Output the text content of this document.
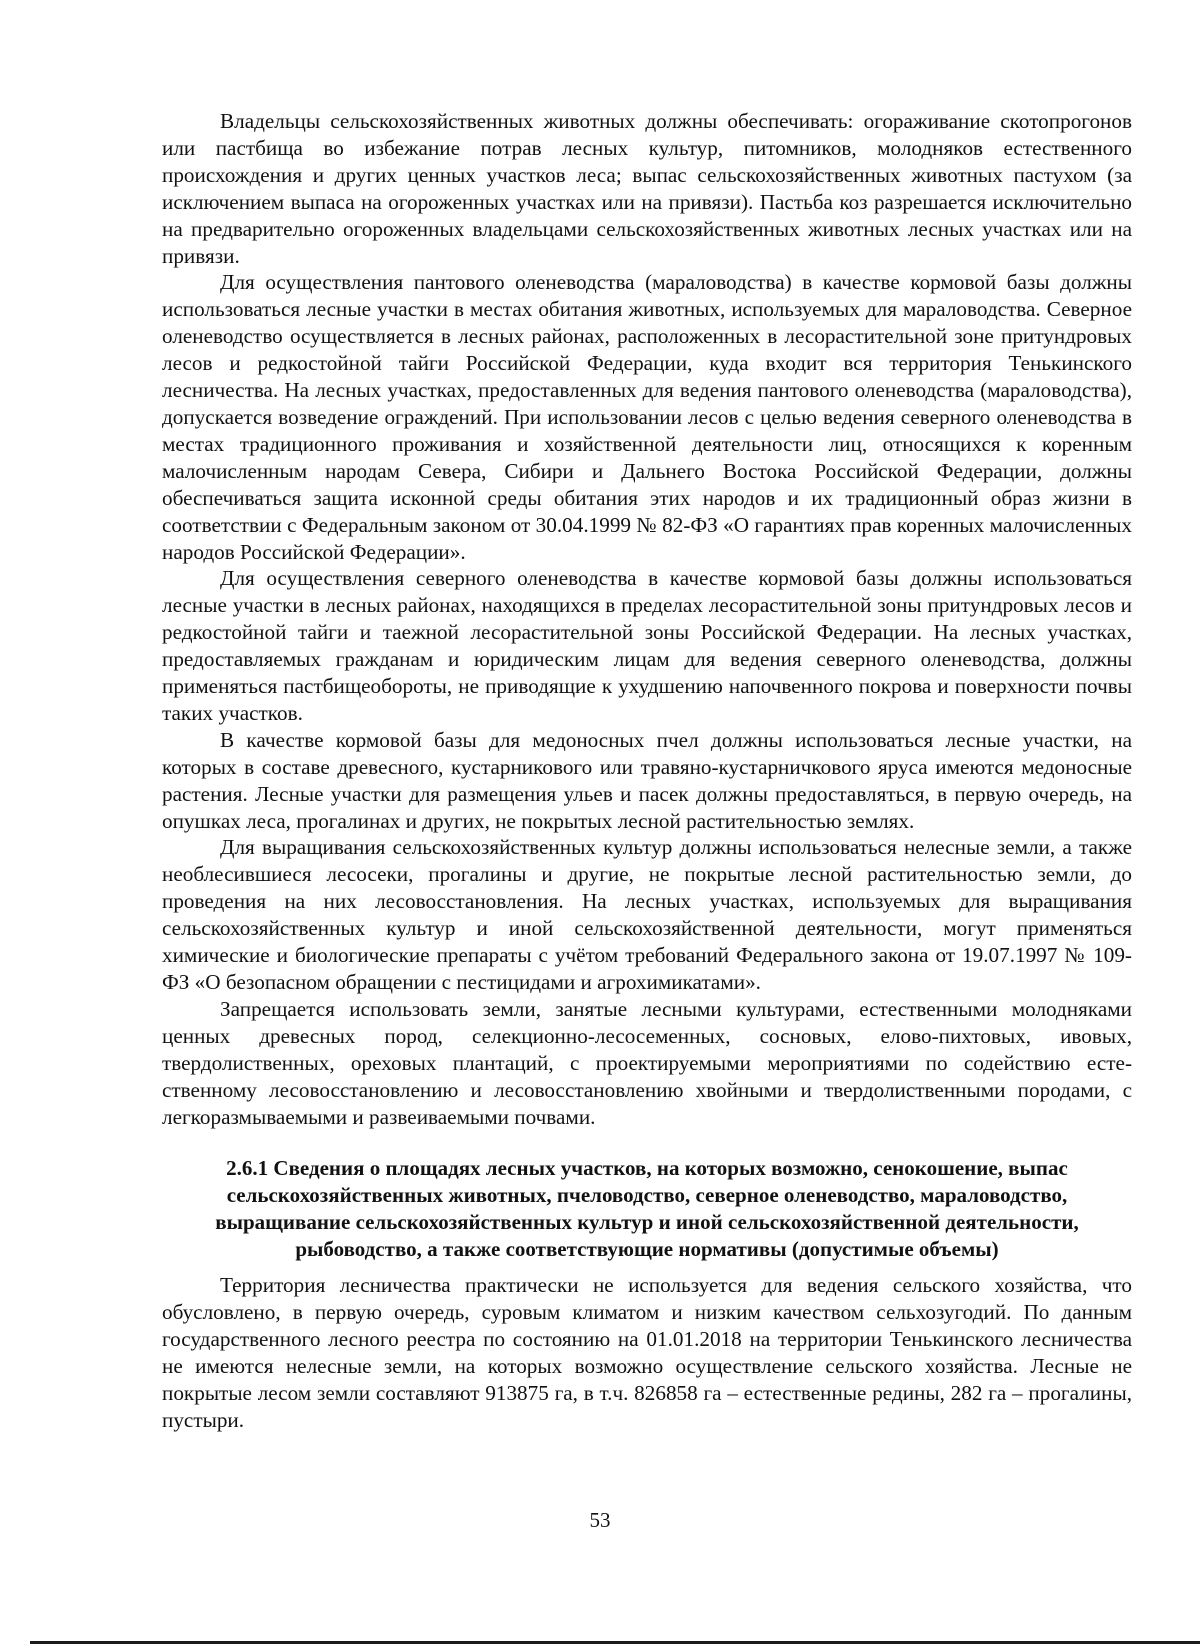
Владельцы сельскохозяйственных животных должны обеспечивать: огораживание скотопрогонов или пастбища во избежание потрав лесных культур, питомников, молодняков естественного происхождения и других ценных участков леса; выпас сельскохозяйственных животных пастухом (за исключением выпаса на огороженных участках или на привязи). Пастьба коз разрешается исключительно на предварительно огороженных владельцами сельскохозяйственных животных лесных участках или на привязи.

Для осуществления пантового оленеводства (мараловодства) в качестве кормовой базы должны использоваться лесные участки в местах обитания животных, используемых для мараловодства. Северное оленеводство осуществляется в лесных районах, расположенных в лесорастительной зоне притундровых лесов и редкостойной тайги Российской Федерации, куда входит вся территория Тенькинского лесничества. На лесных участках, предоставленных для ведения пантового оленеводства (мараловодства), допускается возведение ограждений. При использовании лесов с целью ведения северного оленеводства в местах традиционного проживания и хозяйственной деятельности лиц, относящихся к коренным малочисленным народам Севера, Сибири и Дальнего Востока Российской Федерации, должны обеспечиваться защита исконной среды обитания этих народов и их традиционный образ жизни в соответствии с Федеральным законом от 30.04.1999 № 82-ФЗ «О гарантиях прав коренных малочисленных народов Российской Федерации».

Для осуществления северного оленеводства в качестве кормовой базы должны использоваться лесные участки в лесных районах, находящихся в пределах лесорастительной зоны притундровых лесов и редкостойной тайги и таежной лесорастительной зоны Российской Федерации. На лесных участках, предоставляемых гражданам и юридическим лицам для ведения северного оленеводства, должны применяться пастбищеобороты, не приводящие к ухудшению напочвенного покрова и поверхности почвы таких участков.

В качестве кормовой базы для медоносных пчел должны использоваться лесные участки, на которых в составе древесного, кустарникового или травяно-кустарничкового яруса имеются медоносные растения. Лесные участки для размещения ульев и пасек должны предоставляться, в первую очередь, на опушках леса, прогалинах и других, не покрытых лесной растительностью землях.

Для выращивания сельскохозяйственных культур должны использоваться нелесные земли, а также необлесившиеся лесосеки, прогалины и другие, не покрытые лесной растительностью земли, до проведения на них лесовосстановления. На лесных участках, используемых для выращивания сельскохозяйственных культур и иной сельскохозяйственной деятельности, могут применяться химические и биологические препараты с учётом требований Федерального закона от 19.07.1997 № 109-ФЗ «О безопасном обращении с пестицидами и агрохимикатами».

Запрещается использовать земли, занятые лесными культурами, естественными молодняками ценных древесных пород, селекционно-лесосеменных, сосновых, елово-пихтовых, ивовых, твердолиственных, ореховых плантаций, с проектируемыми мероприятиями по содействию естественному лесовосстановлению и лесовосстановлению хвойными и твердолиственными породами, с легкоразмываемыми и развеиваемыми почвами.

2.6.1 Сведения о площадях лесных участков, на которых возможно, сенокошение, выпас сельскохозяйственных животных, пчеловодство, северное оленеводство, мараловодство, выращивание сельскохозяйственных культур и иной сельскохозяйственной деятельности, рыбоводство, а также соответствующие нормативы (допустимые объемы)

Территория лесничества практически не используется для ведения сельского хозяйства, что обусловлено, в первую очередь, суровым климатом и низким качеством сельхозугодий. По данным государственного лесного реестра по состоянию на 01.01.2018 на территории Тенькинского лесничества не имеются нелесные земли, на которых возможно осуществление сельского хозяйства. Лесные не покрытые лесом земли составляют 913875 га, в т.ч. 826858 га – естественные редины, 282 га – прогалины, пустыри.

53
